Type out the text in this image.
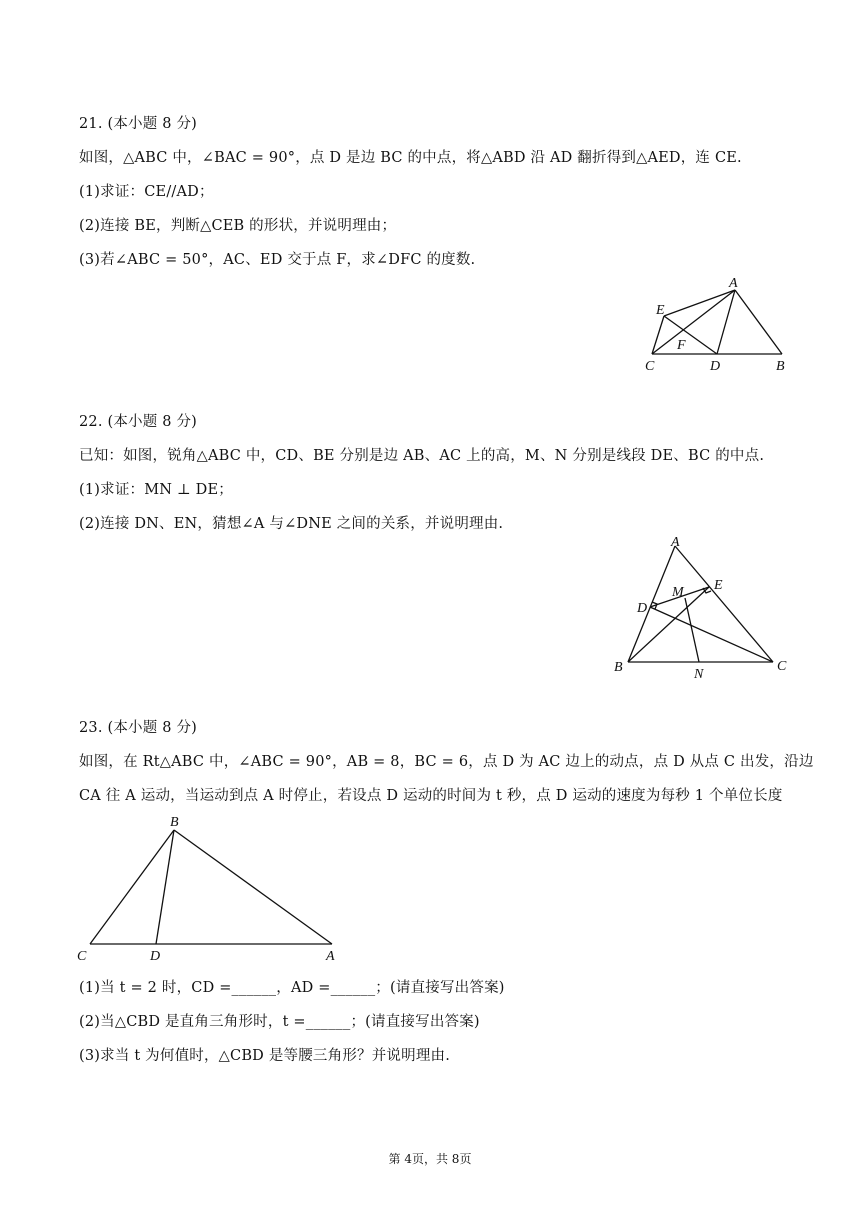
21. (本小题 8 分)
如图，△ABC 中，∠BAC = 90°，点 D 是边 BC 的中点，将△ABD 沿 AD 翻折得到△AED，连 CE.
(1)求证：CE//AD；
(2)连接 BE，判断△CEB 的形状，并说明理由；
(3)若∠ABC = 50°，AC、ED 交于点 F，求∠DFC 的度数.
A
E
F
C	D	B
22. (本小题 8 分)
已知：如图，锐角△ABC 中，CD、BE 分别是边 AB、AC 上的高，M、N 分别是线段 DE、BC 的中点.
(1)求证：MN ⊥ DE；
(2)连接 DN、EN，猜想∠A 与∠DNE 之间的关系，并说明理由.
A
M E
D
B	N
C
23. (本小题 8 分)
如图，在 Rt△ABC 中，∠ABC = 90°，AB = 8，BC = 6，点 D 为 AC 边上的动点，点 D 从点 C 出发，沿边
CA 往 A 运动，当运动到点 A 时停止，若设点 D 运动的时间为 t 秒，点 D 运动的速度为每秒 1 个单位长度
B
C	D	A
(1)当 t = 2 时，CD =______，AD =______；(请直接写出答案)
(2)当△CBD 是直角三角形时，t =______；(请直接写出答案)
(3)求当 t 为何值时，△CBD 是等腰三角形？并说明理由.
第 4页，共 8页
